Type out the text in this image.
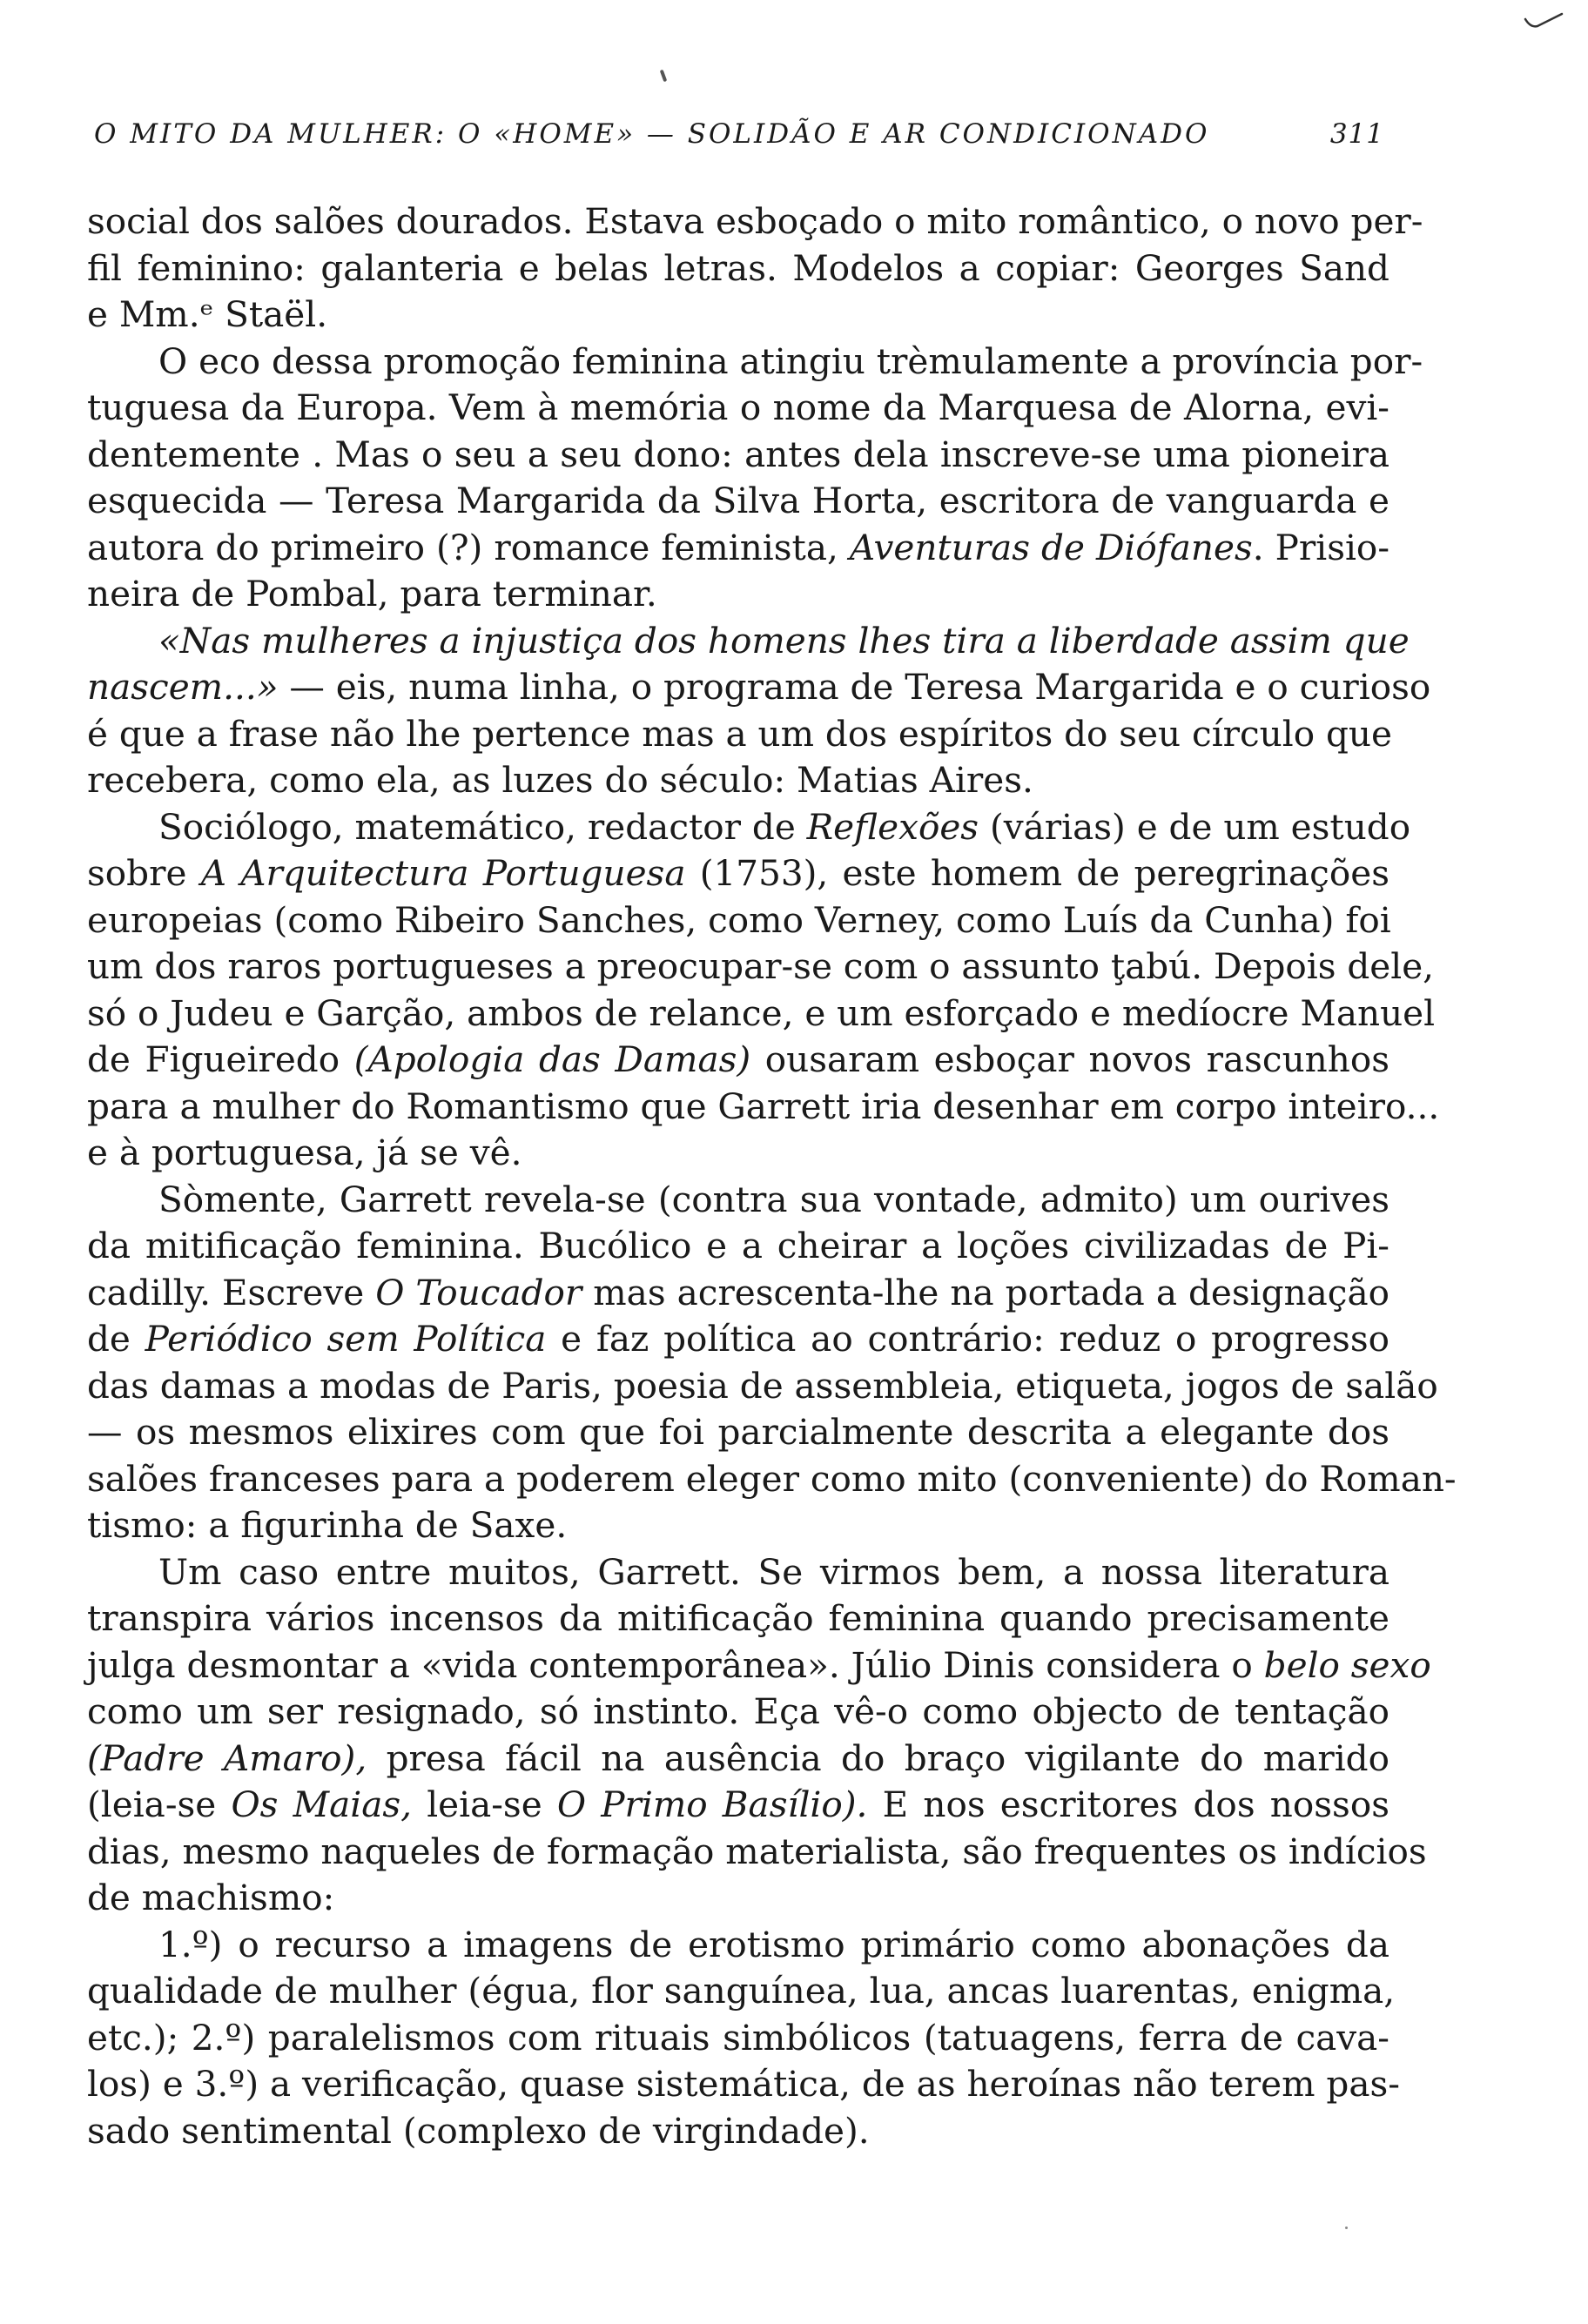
O MITO DA MULHER: O «HOME» — SOLIDÃO E AR CONDICIONADO	311
social dos salões dourados. Estava esboçado o mito romântico, o novo per-
fil feminino: galanteria e belas letras. Modelos a copiar: Georges Sand
e Mm.ᵉ Staël.
O eco dessa promoção feminina atingiu trèmulamente a província por-
tuguesa da Europa. Vem à memória o nome da Marquesa de Alorna, evi-
dentemente . Mas o seu a seu dono: antes dela inscreve-se uma pioneira
esquecida — Teresa Margarida da Silva Horta, escritora de vanguarda e
autora do primeiro (?) romance feminista, Aventuras de Diófanes. Prisio-
neira de Pombal, para terminar.
«Nas mulheres a injustiça dos homens lhes tira a liberdade assim que
nascem...» — eis, numa linha, o programa de Teresa Margarida e o curioso
é que a frase não lhe pertence mas a um dos espíritos do seu círculo que
recebera, como ela, as luzes do século: Matias Aires.
Sociólogo, matemático, redactor de Reflexões (várias) e de um estudo
sobre A Arquitectura Portuguesa (1753), este homem de peregrinações
europeias (como Ribeiro Sanches, como Verney, como Luís da Cunha) foi
um dos raros portugueses a preocupar-se com o assunto ţabú. Depois dele,
só o Judeu e Garção, ambos de relance, e um esforçado e medíocre Manuel
de Figueiredo (Apologia das Damas) ousaram esboçar novos rascunhos
para a mulher do Romantismo que Garrett iria desenhar em corpo inteiro...
e à portuguesa, já se vê.
Sòmente, Garrett revela-se (contra sua vontade, admito) um ourives
da mitificação feminina. Bucólico e a cheirar a loções civilizadas de Pi-
cadilly. Escreve O Toucador mas acrescenta-lhe na portada a designação
de Periódico sem Política e faz política ao contrário: reduz o progresso
das damas a modas de Paris, poesia de assembleia, etiqueta, jogos de salão
— os mesmos elixires com que foi parcialmente descrita a elegante dos
salões franceses para a poderem eleger como mito (conveniente) do Roman-
tismo: a figurinha de Saxe.
Um caso entre muitos, Garrett. Se virmos bem, a nossa literatura
transpira vários incensos da mitificação feminina quando precisamente
julga desmontar a «vida contemporânea». Júlio Dinis considera o belo sexo
como um ser resignado, só instinto. Eça vê-o como objecto de tentação
(Padre Amaro), presa fácil na ausência do braço vigilante do marido
(leia-se Os Maias, leia-se O Primo Basílio). E nos escritores dos nossos
dias, mesmo naqueles de formação materialista, são frequentes os indícios
de machismo:
1.º) o recurso a imagens de erotismo primário como abonações da
qualidade de mulher (égua, flor sanguínea, lua, ancas luarentas, enigma,
etc.); 2.º) paralelismos com rituais simbólicos (tatuagens, ferra de cava-
los) e 3.º) a verificação, quase sistemática, de as heroínas não terem pas-
sado sentimental (complexo de virgindade).
